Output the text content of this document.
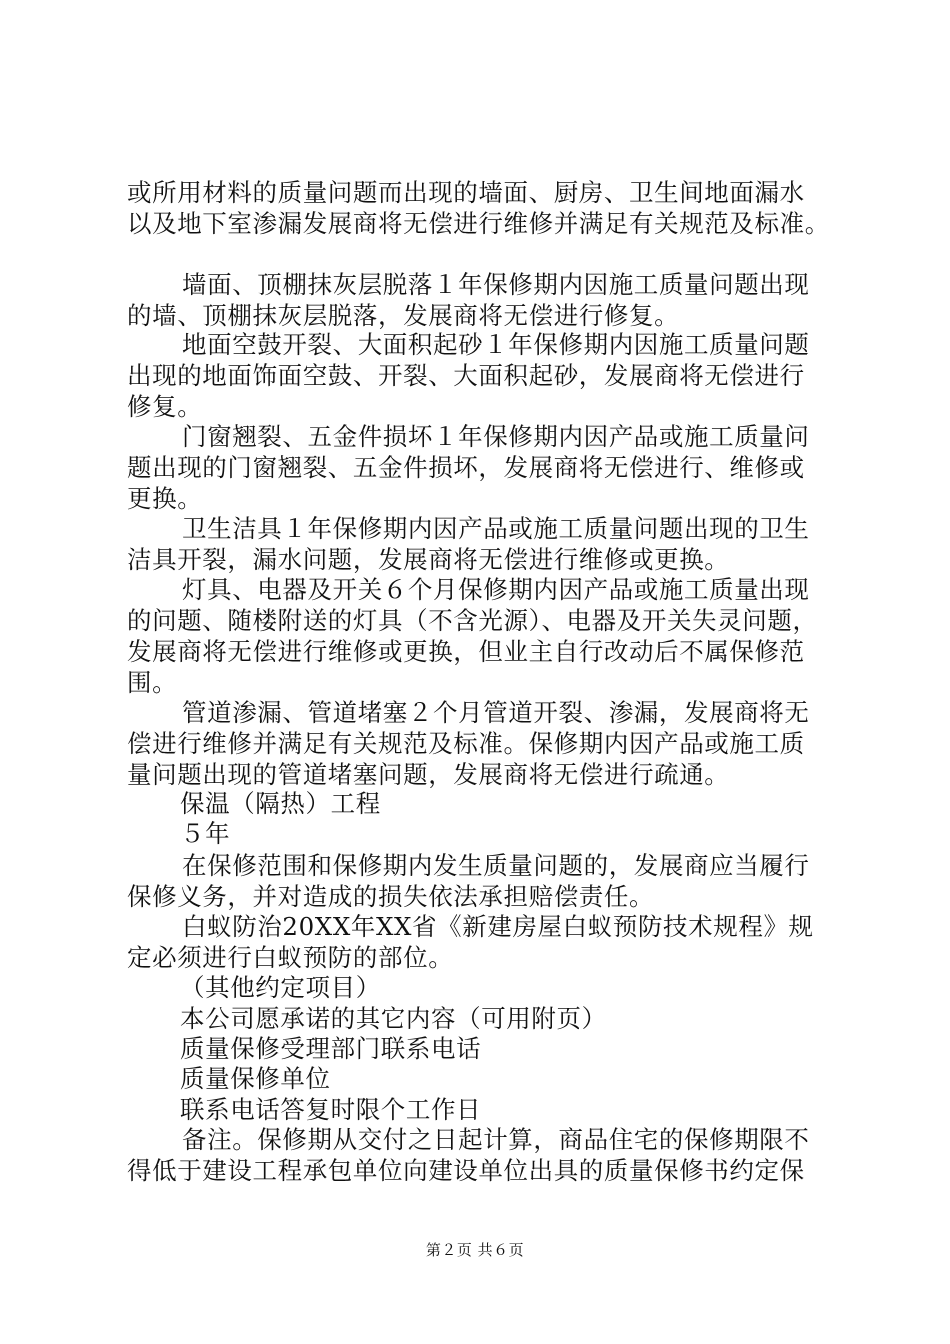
或所用材料的质量问题而出现的墙面、厨房、卫生间地面漏水
以及地下室渗漏发展商将无偿进行维修并满足有关规范及标准。
墙面、顶棚抹灰层脱落１年保修期内因施工质量问题出现
的墙、顶棚抹灰层脱落，发展商将无偿进行修复。
地面空鼓开裂、大面积起砂１年保修期内因施工质量问题
出现的地面饰面空鼓、开裂、大面积起砂，发展商将无偿进行
修复。
门窗翘裂、五金件损坏１年保修期内因产品或施工质量问
题出现的门窗翘裂、五金件损坏，发展商将无偿进行、维修或
更换。
卫生洁具１年保修期内因产品或施工质量问题出现的卫生
洁具开裂，漏水问题，发展商将无偿进行维修或更换。
灯具、电器及开关６个月保修期内因产品或施工质量出现
的问题、随楼附送的灯具（不含光源）、电器及开关失灵问题，
发展商将无偿进行维修或更换，但业主自行改动后不属保修范
围。
管道渗漏、管道堵塞２个月管道开裂、渗漏，发展商将无
偿进行维修并满足有关规范及标准。保修期内因产品或施工质
量问题出现的管道堵塞问题，发展商将无偿进行疏通。
保温（隔热）工程
５年
在保修范围和保修期内发生质量问题的，发展商应当履行
保修义务，并对造成的损失依法承担赔偿责任。
白蚁防治20XX年XX省《新建房屋白蚁预防技术规程》规
定必须进行白蚁预防的部位。
（其他约定项目）
本公司愿承诺的其它内容（可用附页）
质量保修受理部门联系电话
质量保修单位
联系电话答复时限个工作日
备注。保修期从交付之日起计算，商品住宅的保修期限不
得低于建设工程承包单位向建设单位出具的质量保修书约定保
第２页 共６页
